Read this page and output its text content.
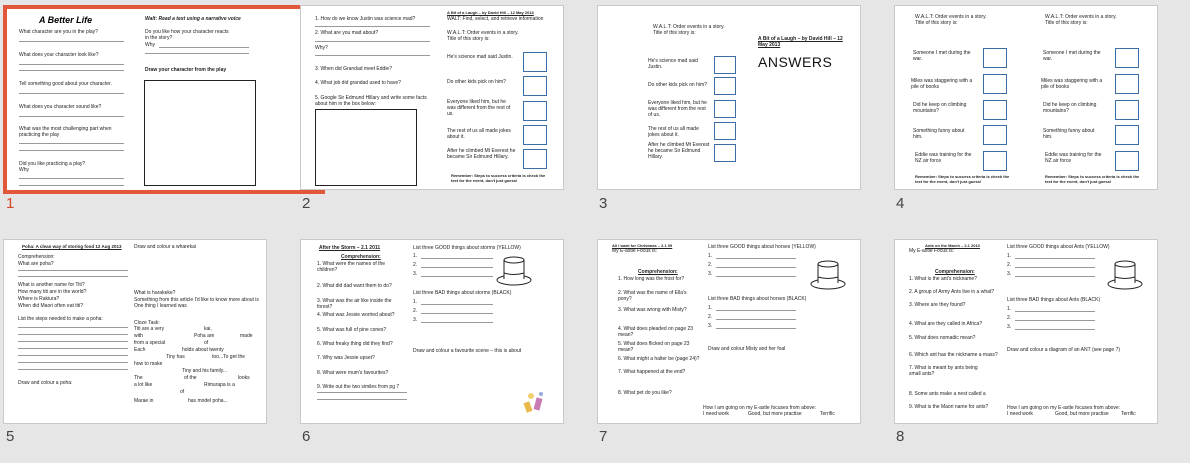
A Better Life	Walt: Read a text using a narrative voice
What character are you in the play?
What does your character look like?
Tell something good about your character.
What does you character sound like?
What was the most challenging part when
practicing the play
Did you like practicing a play?
Why
Do you like how your character reacts
in the story?
Why
Draw your character from the play
1
A Bit of a Laugh – by David Hill – 12 May 2013
1. How do we know Justin was science mad?
2. What are you mad about?
Why?
3. When did Grandad meet Eddie?
4. What job did grandad used to have?
5. Google Sir Edmund Hillary and write some facts
about him in the box below:
WALT: Find, select, and retrieve information
W.A.L.T: Order events in a story.
Title of this story is:
He's science mad said Justin.
Do other kids pick on him?
Everyone liked him, but he was different from the rest of us.
The rest of us all made jokes about it.
After he climbed Mt Everest he became Sir Edmund Hillary.
Remember: Steps to success criteria is check the text for the event, don't just guess!
2
W.A.L.T: Order events in a story.
Title of this story is:
A Bit of a Laugh – by David Hill – 12 May 2013
ANSWERS
He's science mad said Justin.
Do other kids pick on him?
Everyone liked him, but he was different from the rest of us.
The rest of us all made jokes about it.
After he climbed Mt Everest he became Sir Edmund Hillary.
3
W.A.L.T: Order events in a story.
Title of this story is:
Someone I met during the war.
Miles was staggering with a pile of books
Did he keep on climbing mountains?
Something funny about him.
Eddie was training for the NZ air force
Remember: Steps to success criteria is check the text for the event, don't just guess!
W.A.L.T: Order events in a story.
Title of this story is:
Someone I met during the war.
Miles was staggering with a pile of books
Did he keep on climbing mountains?
Something funny about him.
Eddie was training for the NZ air force
Remember: Steps to success criteria is check the text for the event, don't just guess!
4
Poha: A clean way of storing food 12 Aug 2013 Draw and colour a wharekai
Comprehension:
What are poha?
What is another name for Titi?
How many titi are in the world?
Where is Rakiura?
When did Maori often eat titi?
List the steps needed to make a poha:
Draw and colour a poha:
What is harakeke?
Something from this article I'd like to know more about is
One thing I learned was
Cloze Task:
Titi are a very	kai,
with	Poha are	made
from a special	of
Each	holds about twenty
Tiny has	too...To get the
how to make
Tiny and his family...
The	of the	looks
a lot like	Rimurapa is a
of
Marae in	has model poha...
5
After the Storm – 2.1 2011
Comprehension:
1. What were the names of the children?
2. What did dad want them to do?
3. What was the air like inside the forest?
4. What was Jessie worried about?
5. What was full of pine cones?
6. What freaky thing did they find?
7. Why was Jessie upset?
8. What were mum's favourites?
9. Write out the two similes from pg 7
List three GOOD things about storms (YELLOW)
1.
2.
3.
List three BAD things about storms (BLACK)
1.
2.
3.
Draw and colour a favourite scene – this is about
6
All I want for Christmas – 2.1 09
My E-astle Focus is:
Comprehension:
1. How long was the frost for?
2. What was the name of Ella's pony?
3. What was wrong with Misty?
4. What does pleaded on page 23 mean?
5. What does flicked on page 23 mean?
6. What might a halter be (page 24)?
7. What happened at the end?
8. What pet do you like?
List three GOOD things about horses (YELLOW)
1.
2.
3.
List three BAD things about horses (BLACK)
1.
2.
3.
Draw and colour Misty and her foal
How I am going on my E-astle focuses from above:
I need work	Good, but more practise	Terrific
7
Ants on the March – 2.1 2010
My E-astle Focus is:
Comprehension:
1. What is the ant's nickname?
2. A group of Army Ants live in a what?
3. Where are they found?
4. What are they called in Africa?
5. What does nomadic mean?
6. Which ant has the nickname a mass?
7. What is meant by ants being small ants?
8. Some ants make a nest called a
9. What is the Maori name for ants?
List three GOOD things about Ants (YELLOW)
1.
2.
3.
List three BAD things about Ants (BLACK)
1.
2.
3.
Draw and colour a diagram of an ANT (see page 7)
How I am going on my E-astle focuses from above:
I need work	Good, but more practise Terrific
8
